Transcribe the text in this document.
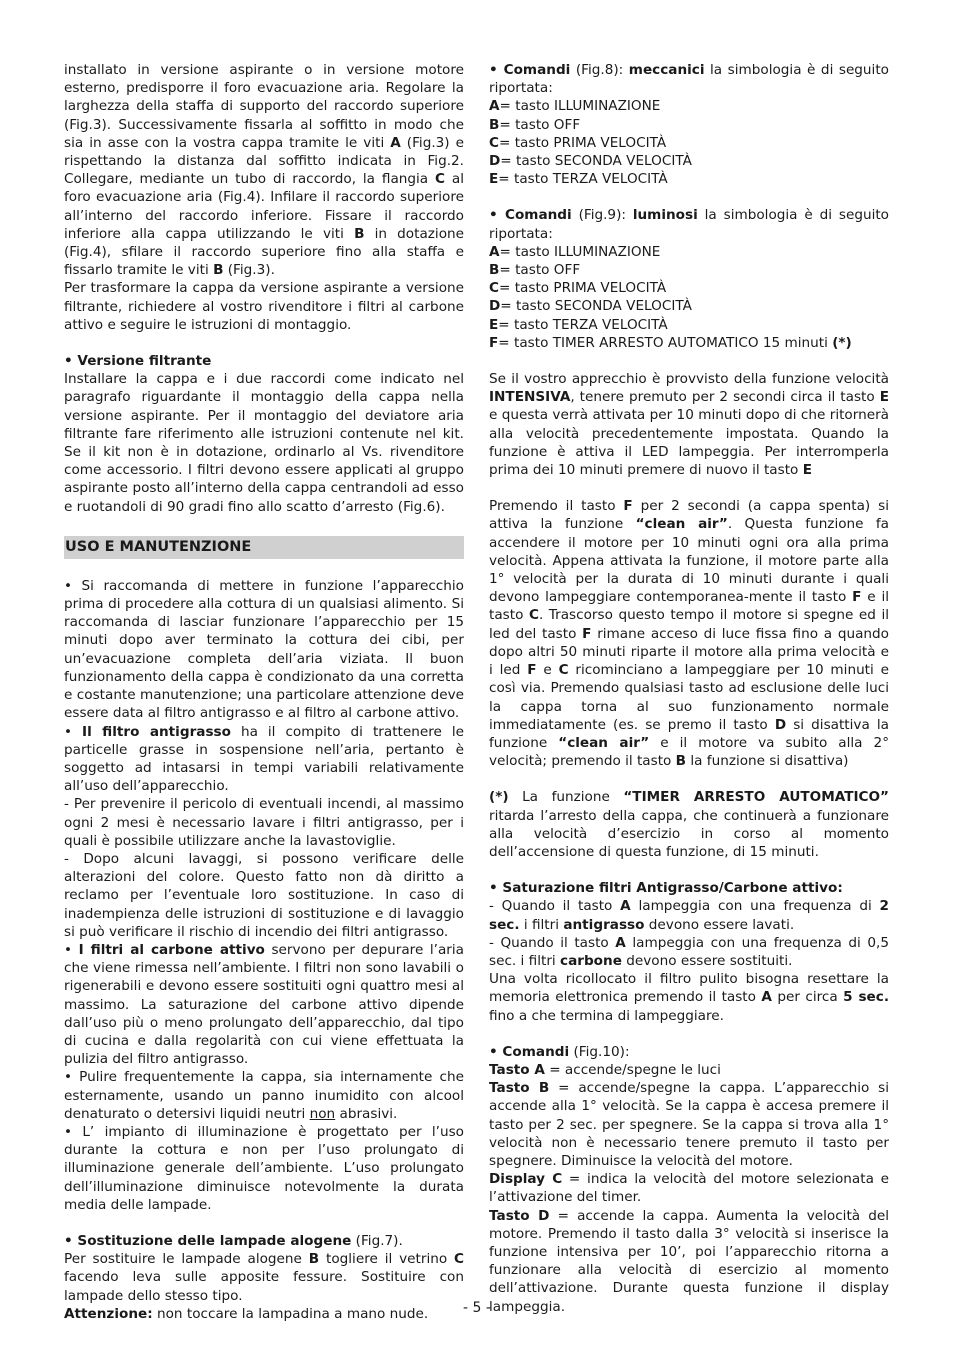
installato in versione aspirante o in versione motore esterno, predisporre il foro evacuazione aria. Regolare la larghezza della staffa di supporto del raccordo superiore (Fig.3). Successivamente fissarla al soffitto in modo che sia in asse con la vostra cappa tramite le viti A (Fig.3) e rispettando la distanza dal soffitto indicata in Fig.2. Collegare, mediante un tubo di raccordo, la flangia C al foro evacuazione aria (Fig.4). Infilare il raccordo superiore all’interno del raccordo inferiore. Fissare il raccordo inferiore alla cappa utilizzando le viti B in dotazione (Fig.4), sfilare il raccordo superiore fino alla staffa e fissarlo tramite le viti B (Fig.3).

Per trasformare la cappa da versione aspirante a versione filtrante, richiedere al vostro rivenditore i filtri al carbone attivo e seguire le istruzioni di montaggio.

• Versione filtrante

Installare la cappa e i due raccordi come indicato nel paragrafo riguardante il montaggio della cappa nella versione aspirante. Per il montaggio del deviatore aria filtrante fare riferimento alle istruzioni contenute nel kit. Se il kit non è in dotazione, ordinarlo al Vs. rivenditore come accessorio. I filtri devono essere applicati al gruppo aspirante posto all’interno della cappa centrandoli ad esso e ruotandoli di 90 gradi fino allo scatto d’arresto (Fig.6).

USO E MANUTENZIONE

• Si raccomanda di mettere in funzione l’apparecchio prima di procedere alla cottura di un qualsiasi alimento. Si raccomanda di lasciar funzionare l’apparecchio per 15 minuti dopo aver terminato la cottura dei cibi, per un’evacuazione completa dell’aria viziata. Il buon funzionamento della cappa è condizionato da una corretta e costante manutenzione; una particolare attenzione deve essere data al filtro antigrasso e al filtro al carbone attivo.

• Il filtro antigrasso ha il compito di trattenere le particelle grasse in sospensione nell’aria, pertanto è soggetto ad intasarsi in tempi variabili relativamente all’uso dell’apparecchio.

- Per prevenire il pericolo di eventuali incendi, al massimo ogni 2 mesi è necessario lavare i filtri antigrasso, per i quali è possibile utilizzare anche la lavastoviglie.

- Dopo alcuni lavaggi, si possono verificare delle alterazioni del colore. Questo fatto non dà diritto a reclamo per l’eventuale loro sostituzione. In caso di inadempienza delle istruzioni di sostituzione e di lavaggio si può verificare il rischio di incendio dei filtri antigrasso.

• I filtri al carbone attivo servono per depurare l’aria che viene rimessa nell’ambiente. I filtri non sono lavabili o rigenerabili e devono essere sostituiti ogni quattro mesi al massimo. La saturazione del carbone attivo dipende dall’uso più o meno prolungato dell’apparecchio, dal tipo di cucina e dalla regolarità con cui viene effettuata la pulizia del filtro antigrasso.

• Pulire frequentemente la cappa, sia internamente che esternamente, usando un panno inumidito con alcool denaturato o detersivi liquidi neutri non abrasivi.

• L’ impianto di illuminazione è progettato per l’uso durante la cottura e non per l’uso prolungato di illuminazione generale dell’ambiente. L’uso prolungato dell’illuminazione diminuisce notevolmente la durata media delle lampade.

• Sostituzione delle lampade alogene (Fig.7).

Per sostituire le lampade alogene B togliere il vetrino C facendo leva sulle apposite fessure. Sostituire con lampade dello stesso tipo.

Attenzione: non toccare la lampadina a mano nude.

• Comandi (Fig.8): meccanici la simbologia è di seguito riportata:

A= tasto ILLUMINAZIONE

B= tasto OFF

C= tasto PRIMA VELOCITÀ

D= tasto SECONDA VELOCITÀ

E= tasto TERZA VELOCITÀ

• Comandi (Fig.9): luminosi la simbologia è di seguito riportata:

A= tasto ILLUMINAZIONE

B= tasto OFF

C= tasto PRIMA VELOCITÀ

D= tasto SECONDA VELOCITÀ

E= tasto TERZA VELOCITÀ

F= tasto TIMER ARRESTO AUTOMATICO 15 minuti (*)

Se il vostro apprecchio è provvisto della funzione velocità INTENSIVA, tenere premuto per 2 secondi circa il tasto E e questa verrà attivata per 10 minuti dopo di che ritornerà alla velocità precedentemente impostata. Quando la funzione è attiva il LED lampeggia. Per interromperla prima dei 10 minuti premere di nuovo il tasto E

Premendo il tasto F per 2 secondi (a cappa spenta) si attiva la funzione “clean air”. Questa funzione fa accendere il motore per 10 minuti ogni ora alla prima velocità. Appena attivata la funzione, il motore parte alla 1° velocità per la durata di 10 minuti durante i quali devono lampeggiare contemporanea-mente il tasto F e il tasto C. Trascorso questo tempo il motore si spegne ed il led del tasto F rimane acceso di luce fissa fino a quando dopo altri 50 minuti riparte il motore alla prima velocità e i led F e C ricominciano a lampeggiare per 10 minuti e così via. Premendo qualsiasi tasto ad esclusione delle luci la cappa torna al suo funzionamento normale immediatamente (es. se premo il tasto D si disattiva la funzione “clean air” e il motore va subito alla 2° velocità; premendo il tasto B la funzione si disattiva)

(*) La funzione “TIMER ARRESTO AUTOMATICO” ritarda l’arresto della cappa, che continuerà a funzionare alla velocità d’esercizio in corso al momento dell’accensione di questa funzione, di 15 minuti.

• Saturazione filtri Antigrasso/Carbone attivo:

- Quando il tasto A lampeggia con una frequenza di 2 sec. i filtri antigrasso devono essere lavati.

- Quando il tasto A lampeggia con una frequenza di 0,5 sec. i filtri carbone devono essere sostituiti.

Una volta ricollocato il filtro pulito bisogna resettare la memoria elettronica premendo il tasto A per circa 5 sec. fino a che termina di lampeggiare.

• Comandi (Fig.10):

Tasto A = accende/spegne le luci

Tasto B = accende/spegne la cappa. L’apparecchio si accende alla 1° velocità. Se la cappa è accesa premere il tasto per 2 sec. per spegnere. Se la cappa si trova alla 1° velocità non è necessario tenere premuto il tasto per spegnere. Diminuisce la velocità del motore.

Display C = indica la velocità del motore selezionata e l’attivazione del timer.

Tasto D = accende la cappa. Aumenta la velocità del motore. Premendo il tasto dalla 3° velocità si inserisce la funzione intensiva per 10’, poi l’apparecchio ritorna a funzionare alla velocità di esercizio al momento dell’attivazione. Durante questa funzione il display lampeggia.

- 5 -
